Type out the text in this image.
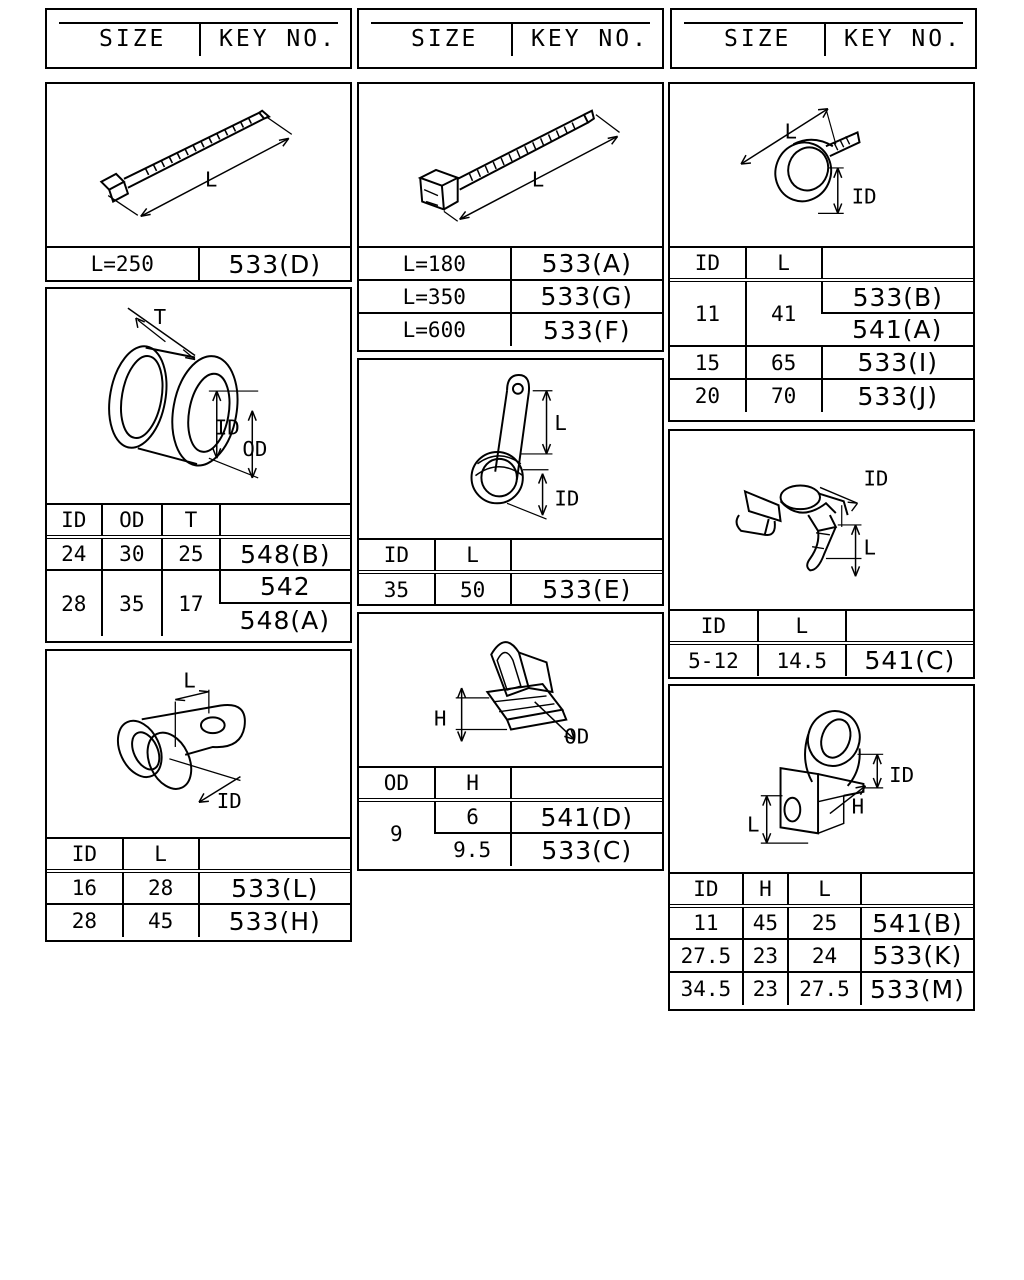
SIZE KEY NO.	SIZE KEY NO.	SIZE KEY NO.
L
L=250	533(D)
L
L=180	533(A)
L=350	533(G)
L=600	533(F)
L
ID
ID	L	
11	41	533(B)
		541(A)
15	65	533(I)
20	70	533(J)
T
ID
OD
ID	OD	T	
24	30	25	548(B)
28	35	17	542
			548(A)
L
ID
ID	L	
35	50	533(E)
ID
L
ID	L	
5-12	14.5	541(C)
L
ID
ID	L	
16	28	533(L)
28	45	533(H)
H
OD
OD	H	
9	6	541(D)
	9.5	533(C)
ID
H
L
ID	H	L	
11	45	25	541(B)
27.5	23	24	533(K)
34.5	23	27.5	533(M)
